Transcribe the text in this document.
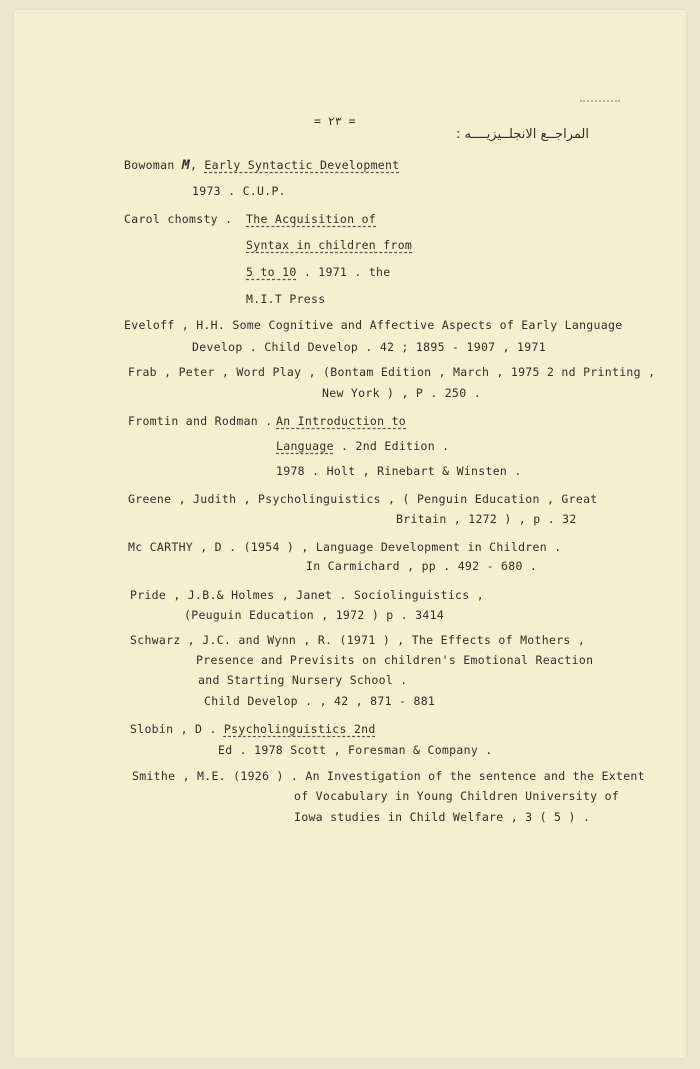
= ٢٣ =
المراجــع الانجلــيزيــــه :
Bowoman M, Early Syntactic Development
1973 . C.U.P.
Carol chomsty . The Acquisition of
Syntax in children from
5 to 10 . 1971 . the
M.I.T Press
Eveloff , H.H. Some Cognitive and Affective Aspects of Early Language
Develop . Child Develop . 42 ; 1895 - 1907 , 1971
Frab , Peter , Word Play , (Bontam Edition , March , 1975 2 nd Printing ,
New York ) , P . 250 .
Fromtin and Rodman . An Introduction to
Language . 2nd Edition .
1978 . Holt , Rinebart & Winsten .
Greene , Judith , Psycholinguistics , ( Penguin Education , Great
Britain , 1272 ) , p . 32
Mc CARTHY , D . (1954 ) , Language Development in Children .
In Carmichard , pp . 492 - 680 .
Pride , J.B.& Holmes , Janet . Sociolinguistics ,
(Peuguin Education , 1972 ) p . 3414
Schwarz , J.C. and Wynn , R. (1971 ) , The Effects of Mothers ,
Presence and Previsits on children's Emotional Reaction
and Starting Nursery School .
Child Develop . , 42 , 871 - 881
Slobin , D . Psycholinguistics 2nd
Ed . 1978 Scott , Foresman & Company .
Smithe , M.E. (1926 ) . An Investigation of the sentence and the Extent
of Vocabulary in Young Children University of
Iowa studies in Child Welfare , 3 ( 5 ) .
